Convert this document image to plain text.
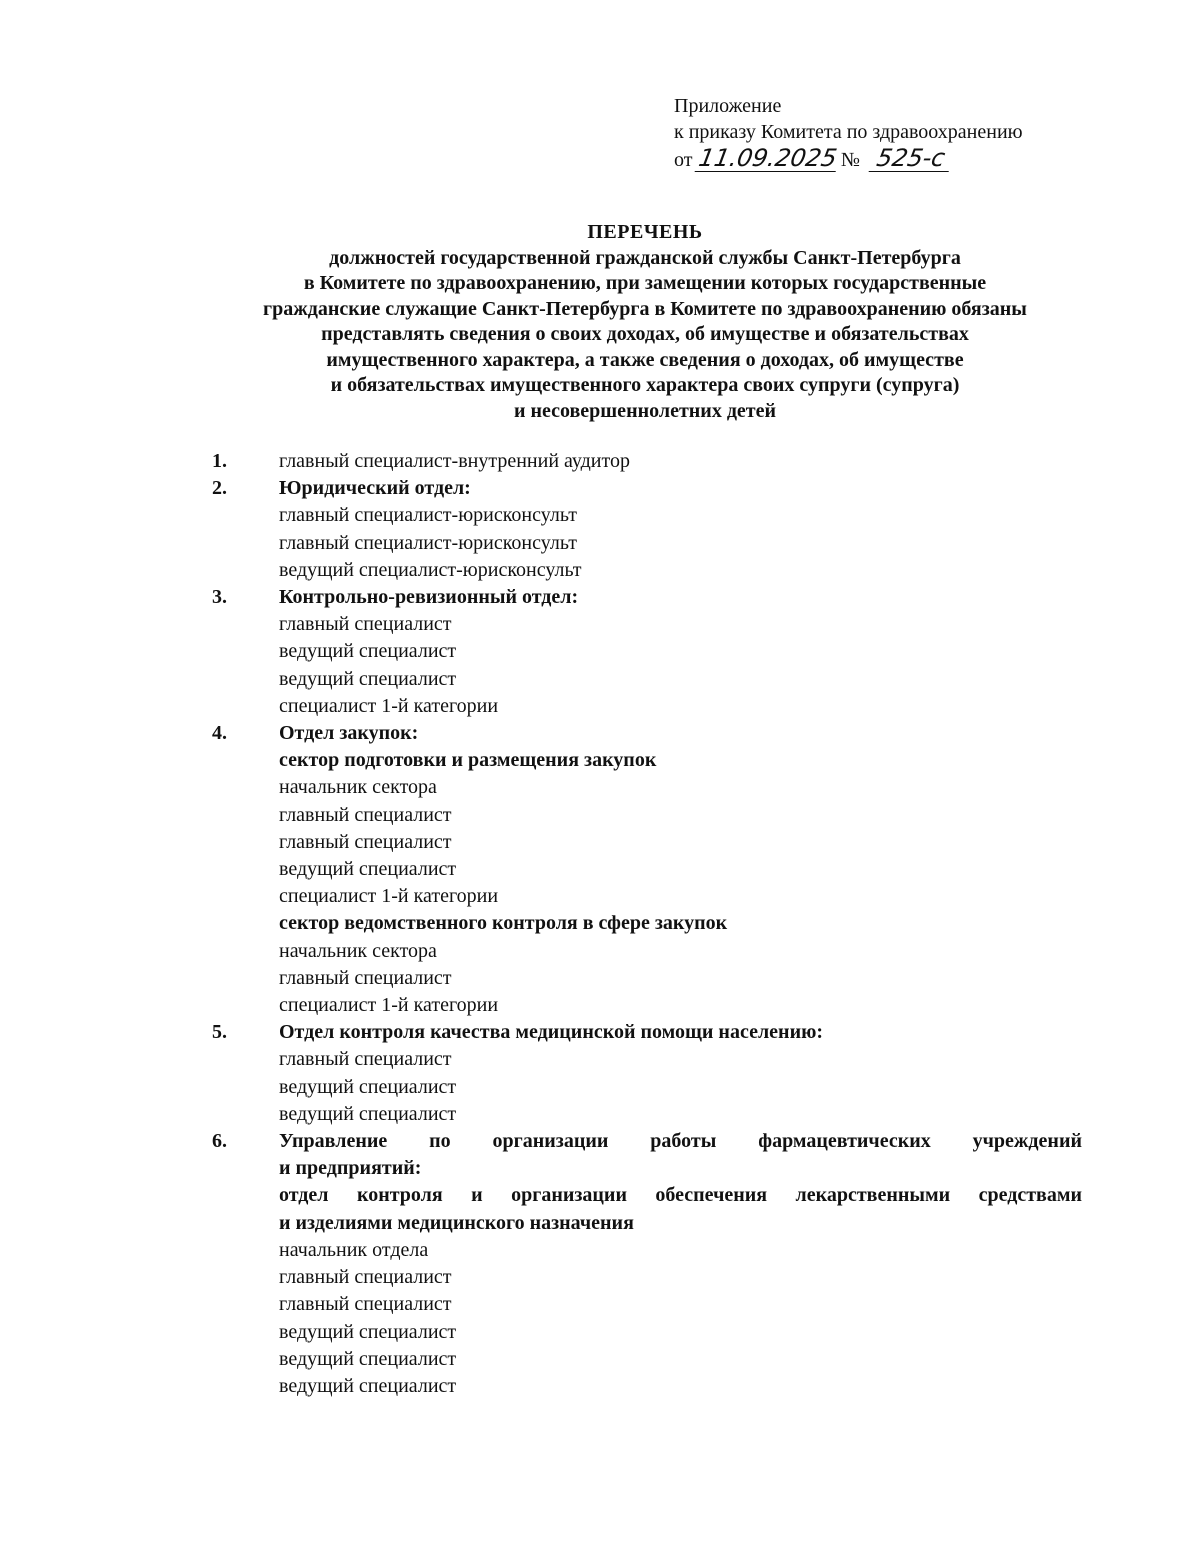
Приложение
к приказу Комитета по здравоохранению
от 11.09.2025№ 525-с
ПЕРЕЧЕНЬ
должностей государственной гражданской службы Санкт-Петербурга
в Комитете по здравоохранению, при замещении которых государственные
гражданские служащие Санкт-Петербурга в Комитете по здравоохранению обязаны
представлять сведения о своих доходах, об имуществе и обязательствах
имущественного характера, а также сведения о доходах, об имуществе
и обязательствах имущественного характера своих супруги (супруга)
и несовершеннолетних детей
1.	главный специалист-внутренний аудитор
2.	Юридический отдел:
главный специалист-юрисконсульт
главный специалист-юрисконсульт
ведущий специалист-юрисконсульт
3.	Контрольно-ревизионный отдел:
главный специалист
ведущий специалист
ведущий специалист
специалист 1-й категории
4.	Отдел закупок:
сектор подготовки и размещения закупок
начальник сектора
главный специалист
главный специалист
ведущий специалист
специалист 1-й категории
сектор ведомственного контроля в сфере закупок
начальник сектора
главный специалист
специалист 1-й категории
5.	Отдел контроля качества медицинской помощи населению:
главный специалист
ведущий специалист
ведущий специалист
6.	Управление по организации работы фармацевтических учреждений
и предприятий:
отдел контроля и организации обеспечения лекарственными средствами
и изделиями медицинского назначения
начальник отдела
главный специалист
главный специалист
ведущий специалист
ведущий специалист
ведущий специалист
